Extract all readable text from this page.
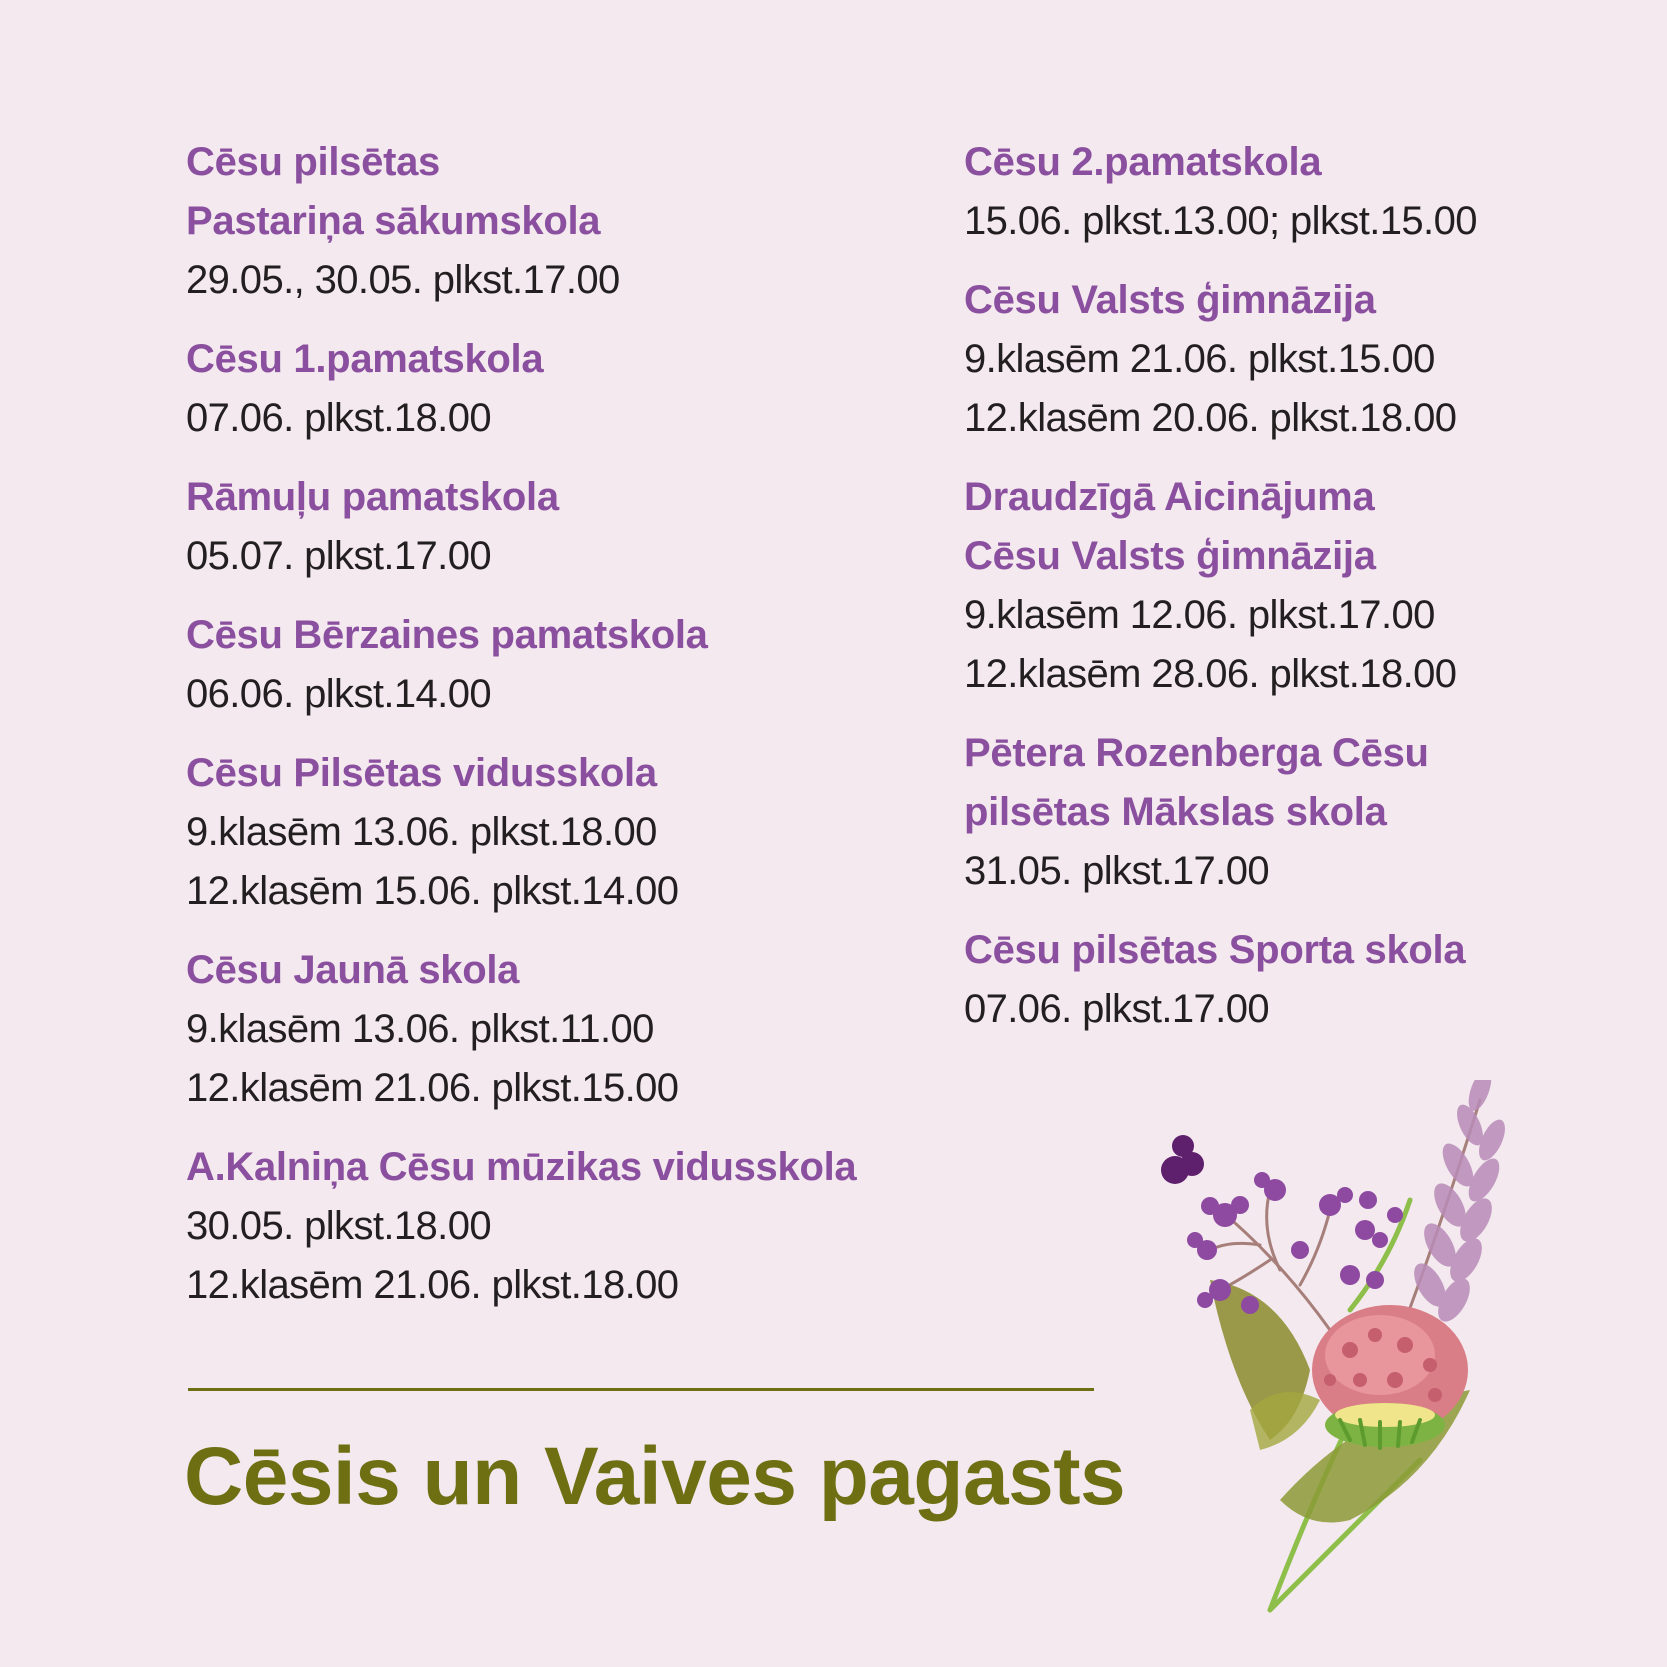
Cēsu pilsētas
Pastariņa sākumskola
29.05., 30.05. plkst.17.00
Cēsu 1.pamatskola
07.06. plkst.18.00
Rāmuļu pamatskola
05.07. plkst.17.00
Cēsu Bērzaines pamatskola
06.06. plkst.14.00
Cēsu Pilsētas vidusskola
9.klasēm 13.06. plkst.18.00
12.klasēm 15.06. plkst.14.00
Cēsu Jaunā skola
9.klasēm 13.06. plkst.11.00
12.klasēm 21.06. plkst.15.00
A.Kalniņa Cēsu mūzikas vidusskola
30.05. plkst.18.00
12.klasēm 21.06. plkst.18.00
Cēsu 2.pamatskola
15.06. plkst.13.00; plkst.15.00
Cēsu Valsts ģimnāzija
9.klasēm 21.06. plkst.15.00
12.klasēm 20.06. plkst.18.00
Draudzīgā Aicinājuma
Cēsu Valsts ģimnāzija
9.klasēm 12.06. plkst.17.00
12.klasēm 28.06. plkst.18.00
Pētera Rozenberga Cēsu
pilsētas Mākslas skola
31.05. plkst.17.00
Cēsu pilsētas Sporta skola
07.06. plkst.17.00
Cēsis un Vaives pagasts
